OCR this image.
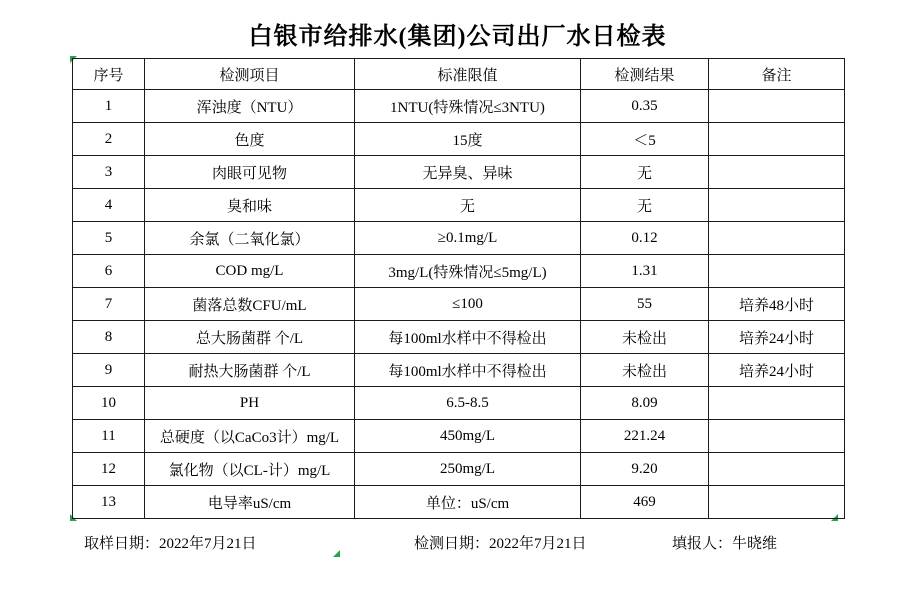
白银市给排水(集团)公司出厂水日检表
序号	检测项目	标准限值	检测结果	备注
1	浑浊度（NTU）	1NTU(特殊情况≤3NTU)	0.35	
2	色度	15度	＜5	
3	肉眼可见物	无异臭、异味	无	
4	臭和味	无	无	
5	余氯（二氧化氯）	≥0.1mg/L	0.12	
6	COD mg/L	3mg/L(特殊情况≤5mg/L)	1.31	
7	菌落总数CFU/mL	≤100	55	培养48小时
8	总大肠菌群 个/L	每100ml水样中不得检出	未检出	培养24小时
9	耐热大肠菌群 个/L	每100ml水样中不得检出	未检出	培养24小时
10	PH	6.5-8.5	8.09	
11	总硬度（以CaCo3计）mg/L	450mg/L	221.24	
12	氯化物（以CL-计）mg/L	250mg/L	9.20	
13	电导率uS/cm	单位：uS/cm	469	
取样日期：2022年7月21日	检测日期：2022年7月21日	填报人：牛晓维
